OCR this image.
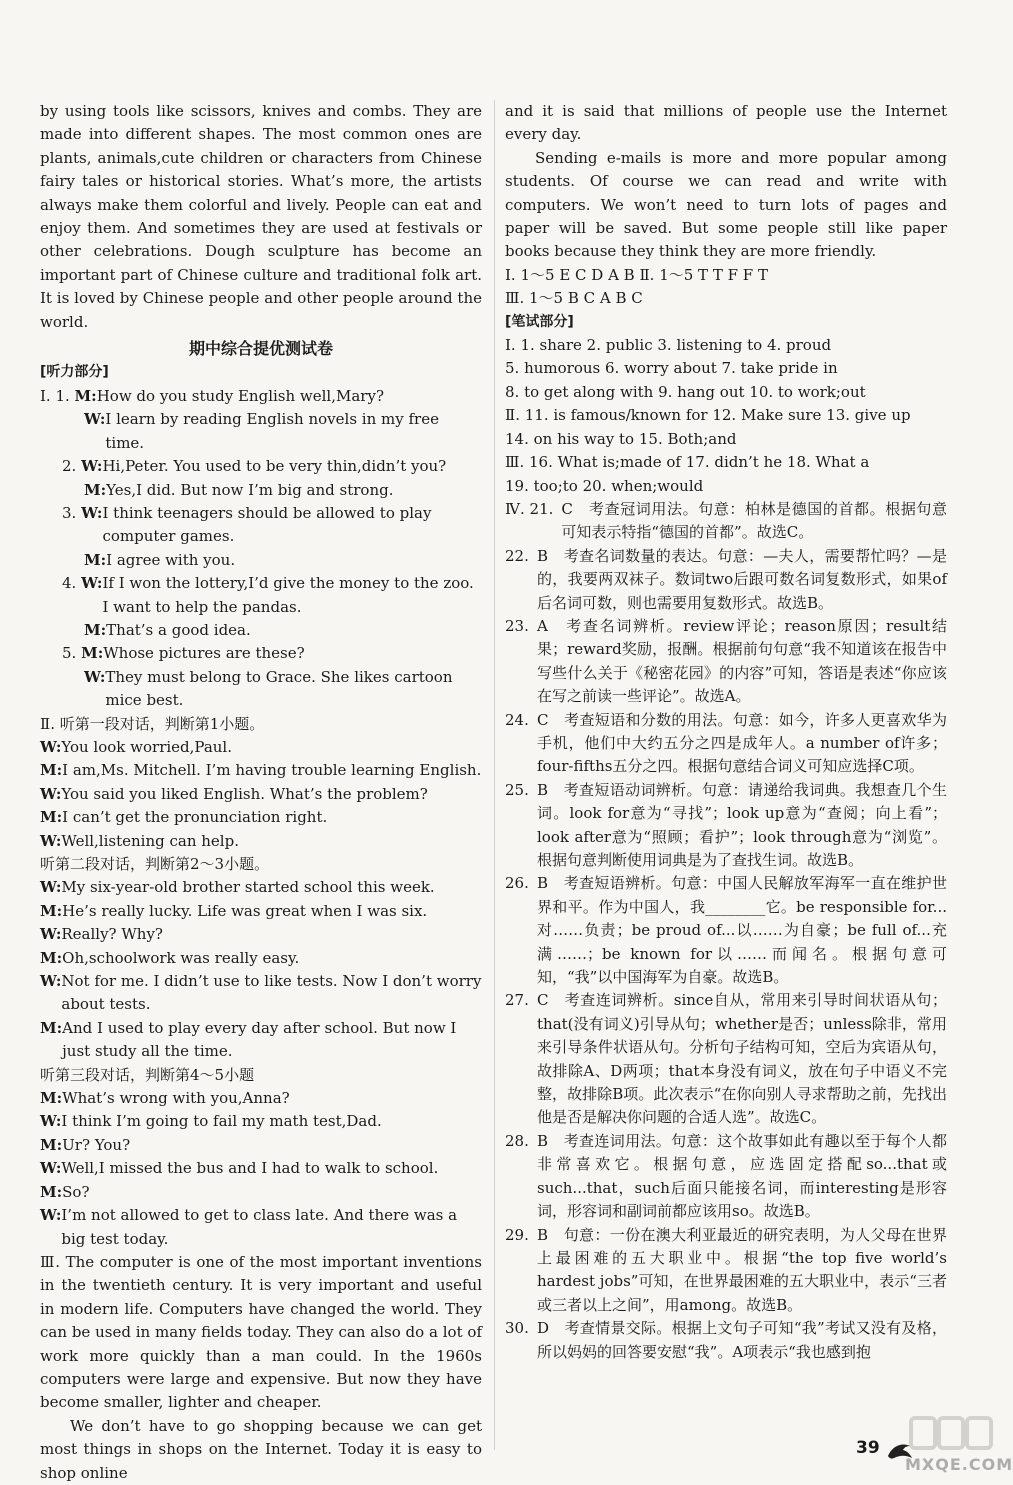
by using tools like scissors, knives and combs. They are made into different shapes. The most common ones are plants, animals,cute children or characters from Chinese fairy tales or historical stories. What’s more, the artists always make them colorful and lively. People can eat and enjoy them. And sometimes they are used at festivals or other celebrations. Dough sculpture has become an important part of Chinese culture and traditional folk art. It is loved by Chinese people and other people around the world.

期中综合提优测试卷
[听力部分]
Ⅰ. 1. M: How do you study English well,Mary?
W: I learn by reading English novels in my free time.
2. W: Hi,Peter. You used to be very thin,didn’t you?
M: Yes,I did. But now I’m big and strong.
3. W: I think teenagers should be allowed to play computer games.
M: I agree with you.
4. W: If I won the lottery,I’d give the money to the zoo. I want to help the pandas.
M: That’s a good idea.
5. M: Whose pictures are these?
W: They must belong to Grace. She likes cartoon mice best.

Ⅱ. 听第一段对话，判断第1小题。

W: You look worried,Paul.
M: I am,Ms. Mitchell. I’m having trouble learning English.
W: You said you liked English. What’s the problem?
M: I can’t get the pronunciation right.
W: Well,listening can help.

听第二段对话，判断第2～3小题。

W: My six-year-old brother started school this week.
M: He’s really lucky. Life was great when I was six.
W: Really? Why?
M: Oh,schoolwork was really easy.
W: Not for me. I didn’t use to like tests. Now I don’t worry about tests.
M: And I used to play every day after school. But now I just study all the time.

听第三段对话，判断第4～5小题

M: What’s wrong with you,Anna?
W: I think I’m going to fail my math test,Dad.
M: Ur? You?
W: Well,I missed the bus and I had to walk to school.
M: So?
W: I’m not allowed to get to class late. And there was a big test today.

Ⅲ. The computer is one of the most important inventions in the twentieth century. It is very important and useful in modern life. Computers have changed the world. They can be used in many fields today. They can also do a lot of work more quickly than a man could. In the 1960s computers were large and expensive. But now they have become smaller, lighter and cheaper.

We don’t have to go shopping because we can get most things in shops on the Internet. Today it is easy to shop online

and it is said that millions of people use the Internet every day.

Sending e-mails is more and more popular among students. Of course we can read and write with computers. We won’t need to turn lots of pages and paper will be saved. But some people still like paper books because they think they are more friendly.

Ⅰ. 1～5 E C D A B Ⅱ. 1～5 T T F F T

Ⅲ. 1～5 B C A B C

[笔试部分]

Ⅰ. 1. share 2. public 3. listening to 4. proud

5. humorous 6. worry about 7. take pride in

8. to get along with 9. hang out 10. to work;out

Ⅱ. 11. is famous/known for 12. Make sure 13. give up

14. on his way to 15. Both;and

Ⅲ. 16. What is;made of 17. didn’t he 18. What a

19. too;to 20. when;would

Ⅳ. 21. C　考查冠词用法。句意：柏林是德国的首都。根据句意可知表示特指“德国的首都”。故选C。
22. B　考查名词数量的表达。句意：—夫人，需要帮忙吗？—是的，我要两双袜子。数词two后跟可数名词复数形式，如果of后名词可数，则也需要用复数形式。故选B。
23. A　考查名词辨析。review评论；reason原因；result结果；reward奖励，报酬。根据前句句意“我不知道该在报告中写些什么关于《秘密花园》的内容”可知，答语是表述“你应该在写之前读一些评论”。故选A。
24. C　考查短语和分数的用法。句意：如今，许多人更喜欢华为手机，他们中大约五分之四是成年人。a number of许多；four-fifths五分之四。根据句意结合词义可知应选择C项。
25. B　考查短语动词辨析。句意：请递给我词典。我想查几个生词。look for意为“寻找”；look up意为“查阅；向上看”；look after意为“照顾；看护”；look through意为“浏览”。根据句意判断使用词典是为了查找生词。故选B。
26. B　考查短语辨析。句意：中国人民解放军海军一直在维护世界和平。作为中国人，我________它。be responsible for...对……负责；be proud of...以……为自豪；be full of...充满……；be known for以……而闻名。根据句意可知，“我”以中国海军为自豪。故选B。
27. C　考查连词辨析。since自从，常用来引导时间状语从句；that(没有词义)引导从句；whether是否；unless除非，常用来引导条件状语从句。分析句子结构可知，空后为宾语从句，故排除A、D两项；that本身没有词义，放在句子中语义不完整，故排除B项。此次表示“在你向别人寻求帮助之前，先找出他是否是解决你问题的合适人选”。故选C。
28. B　考查连词用法。句意：这个故事如此有趣以至于每个人都非常喜欢它。根据句意，应选固定搭配so...that或such...that，such后面只能接名词，而interesting是形容词，形容词和副词前都应该用so。故选B。
29. B　句意：一份在澳大利亚最近的研究表明，为人父母在世界上最困难的五大职业中。根据“the top five world’s hardest jobs”可知，在世界最困难的五大职业中，表示“三者或三者以上之间”，用among。故选B。
30. D　考查情景交际。根据上文句子可知“我”考试又没有及格，所以妈妈的回答要安慰“我”。A项表示“我也感到抱
39
MXQE.COM
